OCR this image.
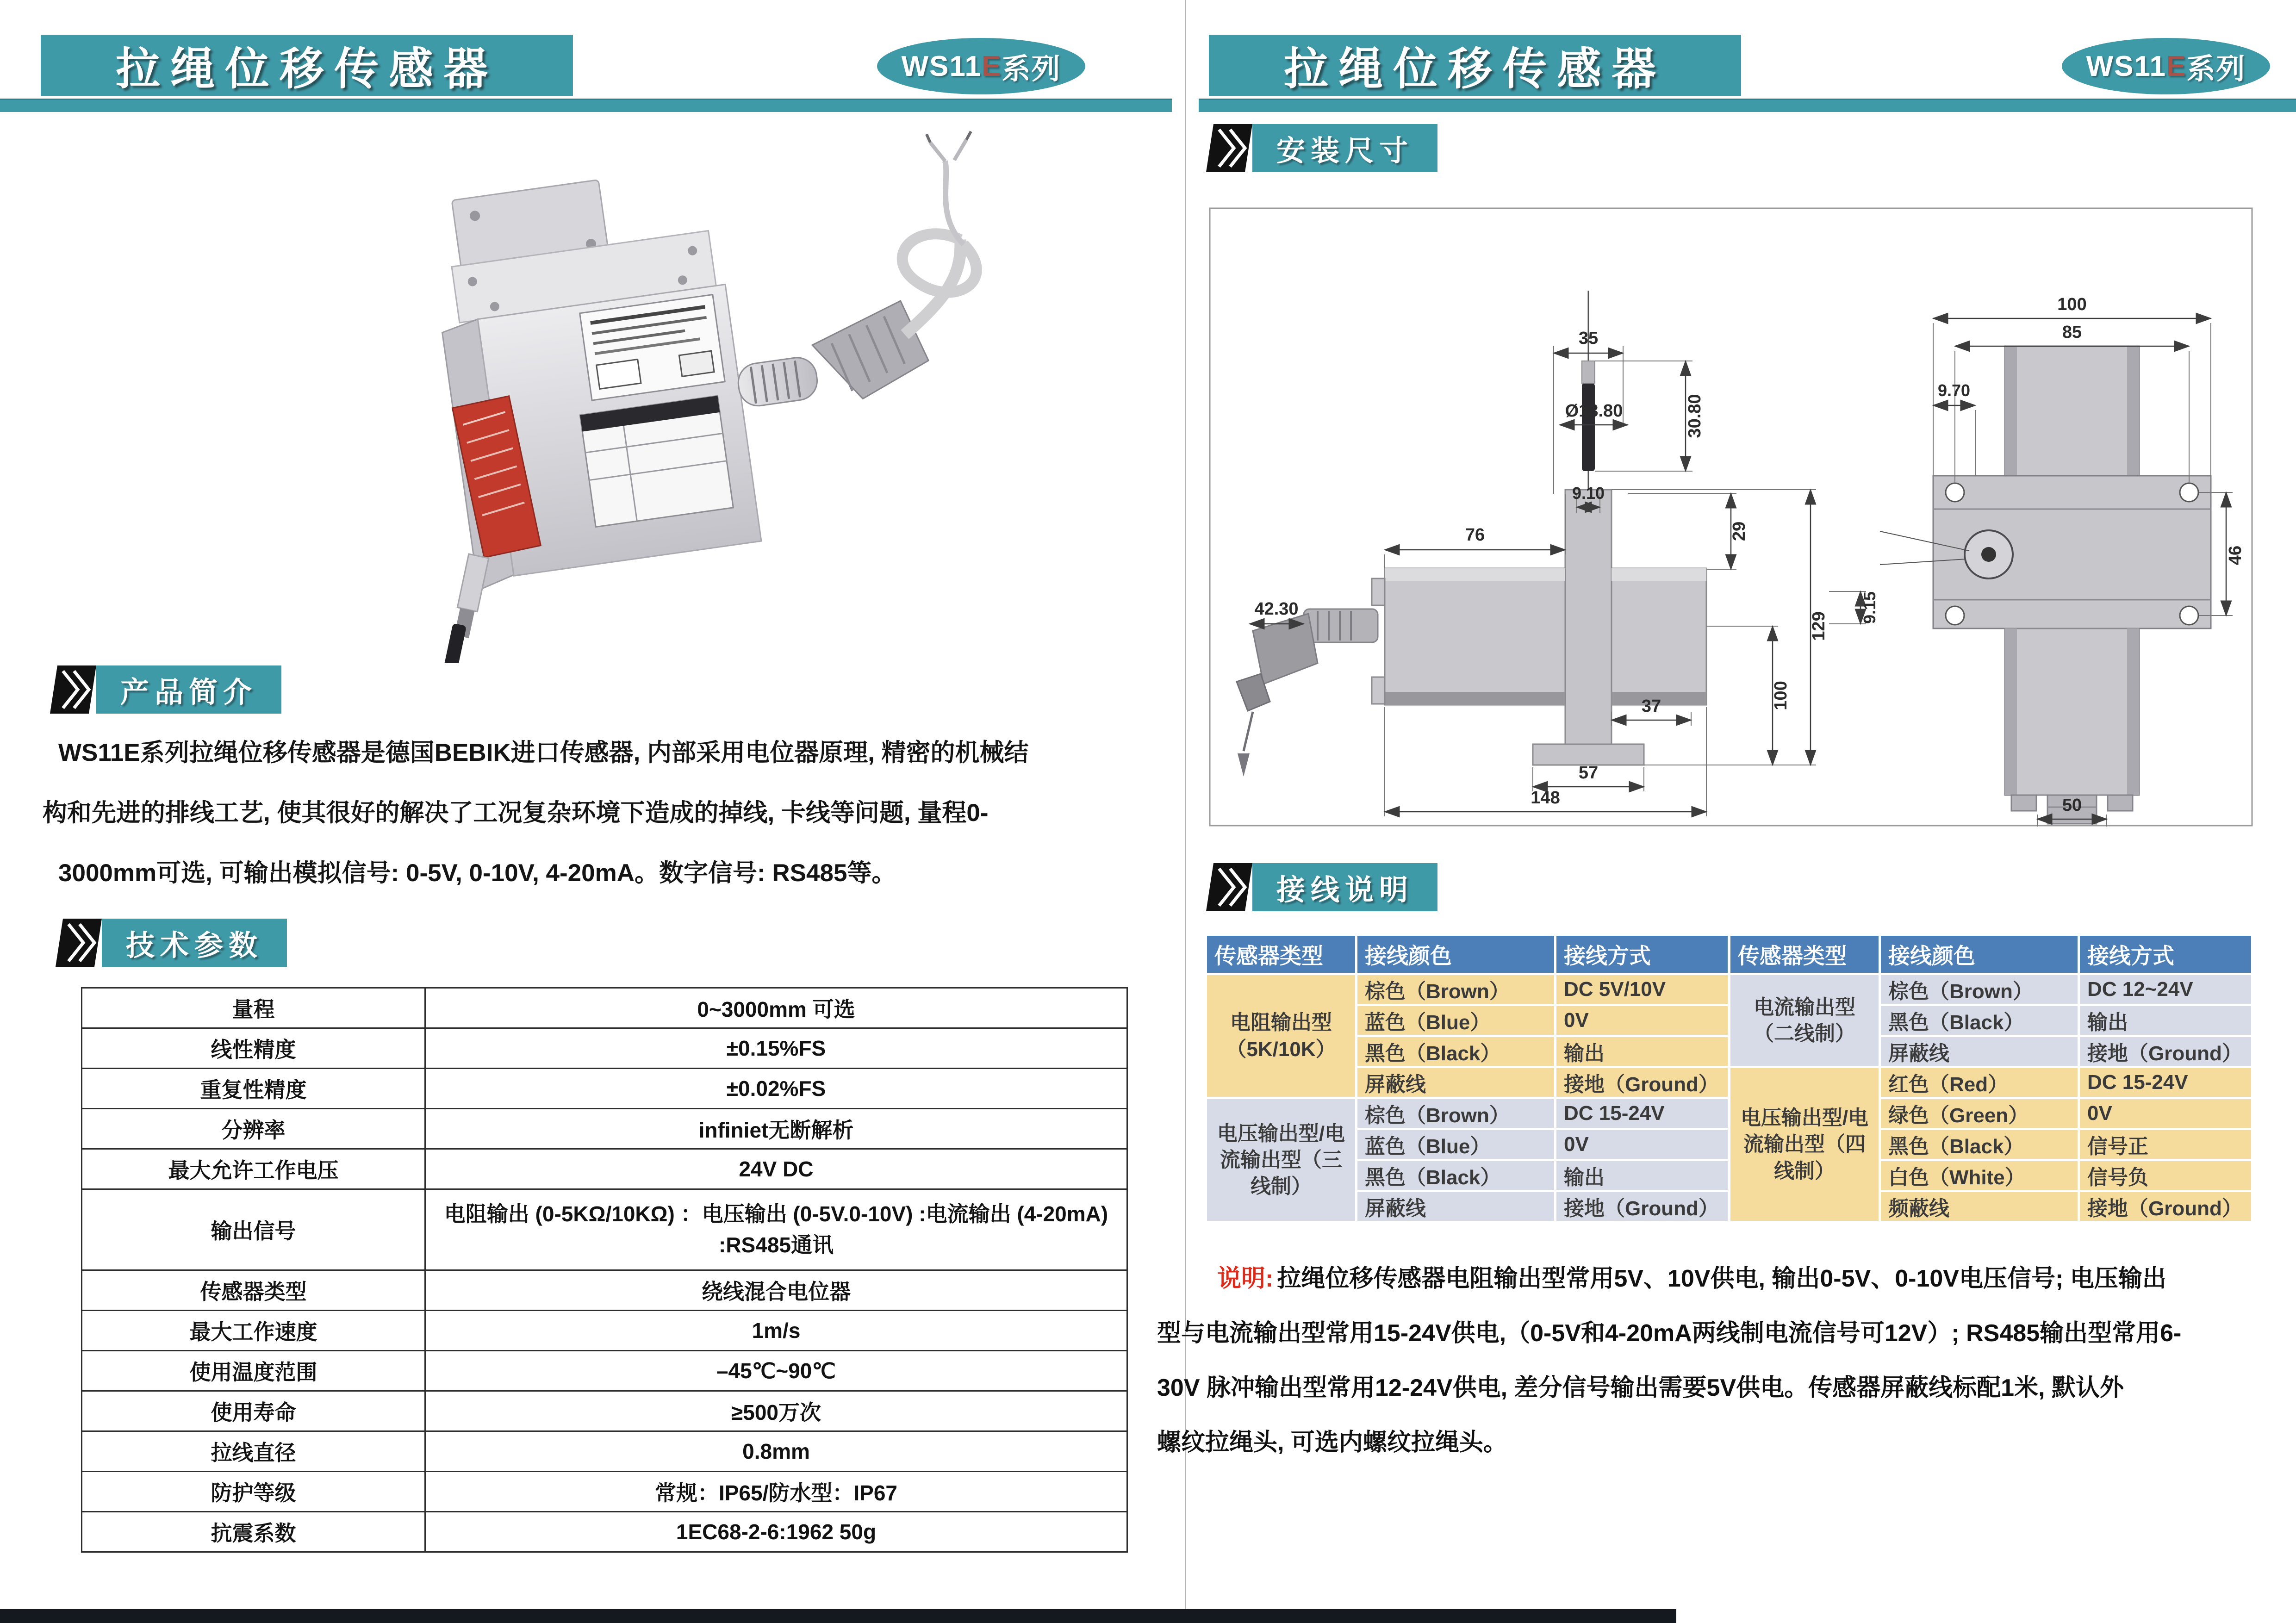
拉绳位移传感器	WS11 E 系列
产品简介
WS11E系列拉绳位移传感器是德国BEBIK进口传感器, 内部采用电位器原理, 精密的机械结
构和先进的排线工艺, 使其很好的解决了工况复杂环境下造成的掉线, 卡线等问题, 量程0-
3000mm可选, 可输出模拟信号: 0-5V, 0-10V, 4-20mA。数字信号: RS485等。
技术参数
量程	0~3000mm 可选
线性精度	±0.15%FS
重复性精度	±0.02%FS
分辨率	infiniet无断解析
最大允许工作电压	24V DC
输出信号	电阻输出 (0-5KΩ/10KΩ) ：电压输出 (0-5V.0-10V) :电流输出 (4-20mA) :RS485通讯
传感器类型	绕线混合电位器
最大工作速度	1m/s
使用温度范围	–45℃~90℃
使用寿命	≥500万次
拉线直径	0.8mm
防护等级	常规：IP65/防水型：IP67
抗震系数	1EC68-2-6:1962 50g
拉绳位移传感器	WS11 E 系列
安装尺寸
35
Ø13.80	30.80
9.10
76
42.30
29
37
129
100
57
148
9.15
100
85
9.70
46
50
接线说明
传感器类型	接线颜色	接线方式
电阻输出型（5K/10K）
棕色（Brown）	DC 5V/10V
蓝色（Blue）	0V
黑色（Black）	输出
屏蔽线	接地（Ground）
电压输出型/电流输出型（三线制）
棕色（Brown）	DC 15-24V
蓝色（Blue）	0V
黑色（Black）	输出
屏蔽线	接地（Ground）
传感器类型	接线颜色	接线方式
电流输出型（二线制）
棕色（Brown）	DC 12~24V
黑色（Black）	输出
屏蔽线	接地（Ground）
电压输出型/电流输出型（四线制）
红色（Red）	DC 15-24V
绿色（Green）	0V
黑色（Black）	信号正
白色（White）	信号负
频蔽线	接地（Ground）
说明: 拉绳位移传感器电阻输出型常用5V、10V供电, 输出0-5V、0-10V电压信号; 电压输出
型与电流输出型常用15-24V供电,（0-5V和4-20mA两线制电流信号可12V）; RS485输出型常用6-
30V 脉冲输出型常用12-24V供电, 差分信号输出需要5V供电。传感器屏蔽线标配1米, 默认外
螺纹拉绳头, 可选内螺纹拉绳头。
